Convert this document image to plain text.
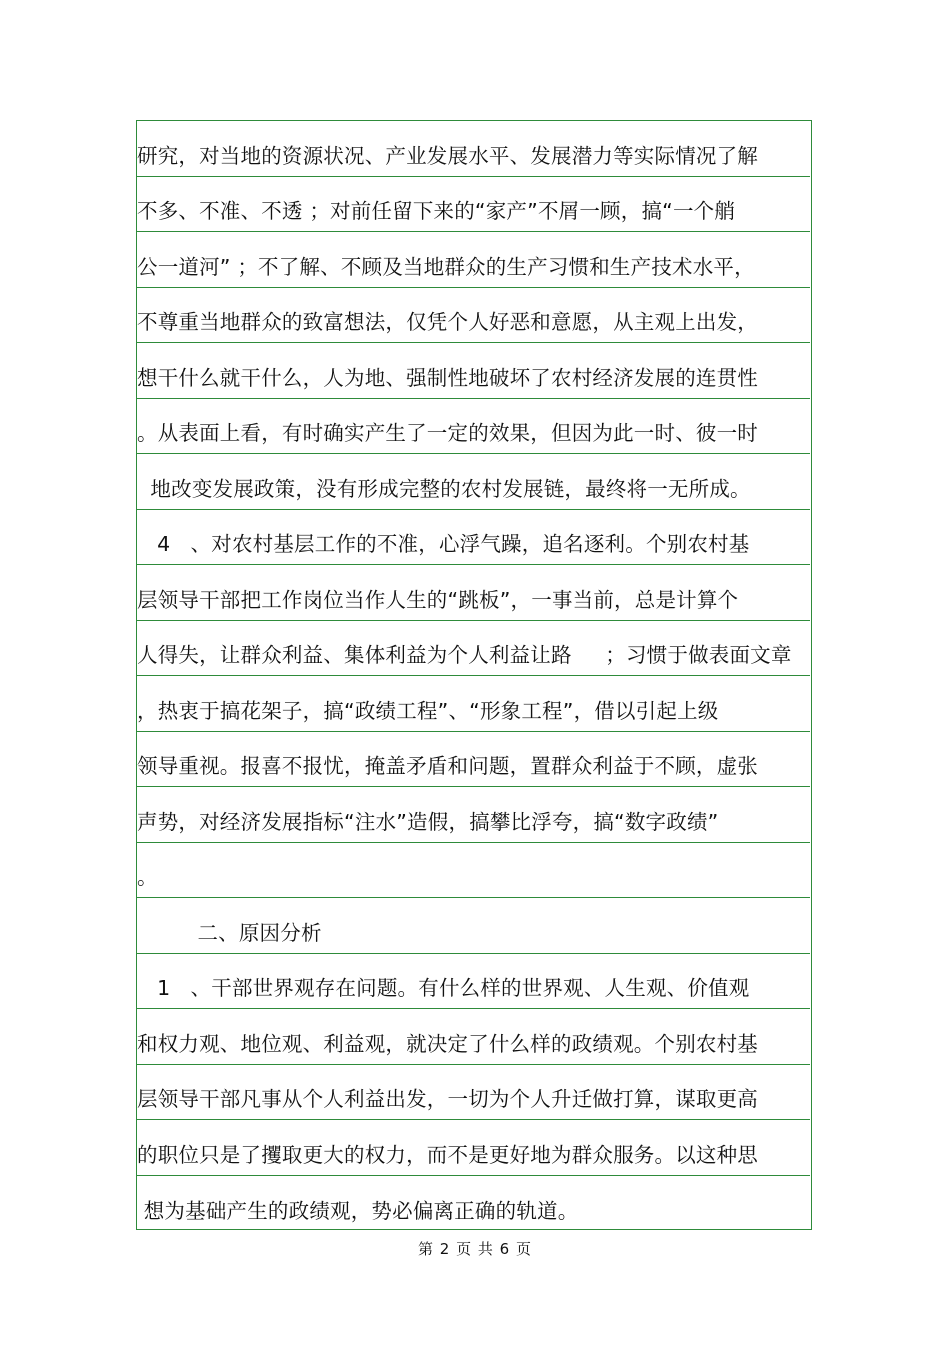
研究，对当地的资源状况、产业发展水平、发展潜力等实际情况了解
不多、不准、不透 ；对前任留下来的“家产”不屑一顾，搞“一个艄
公一道河” ；不了解、不顾及当地群众的生产习惯和生产技术水平，
不尊重当地群众的致富想法，仅凭个人好恶和意愿，从主观上出发，
想干什么就干什么，人为地、强制性地破坏了农村经济发展的连贯性
。从表面上看，有时确实产生了一定的效果，但因为此一时、彼一时
地改变发展政策，没有形成完整的农村发展链，最终将一无所成。
4   、对农村基层工作的不准，心浮气躁，追名逐利。个别农村基
层领导干部把工作岗位当作人生的“跳板”，一事当前，总是计算个
人得失，让群众利益、集体利益为个人利益让路     ；习惯于做表面文章
，热衷于搞花架子，搞“政绩工程”、“形象工程”，借以引起上级
领导重视。报喜不报忧，掩盖矛盾和问题，置群众利益于不顾，虚张
声势，对经济发展指标“注水”造假，搞攀比浮夸，搞“数字政绩”
。
二、原因分析
1   、干部世界观存在问题。有什么样的世界观、人生观、价值观
和权力观、地位观、利益观，就决定了什么样的政绩观。个别农村基
层领导干部凡事从个人利益出发，一切为个人升迁做打算，谋取更高
的职位只是了攫取更大的权力，而不是更好地为群众服务。以这种思
想为基础产生的政绩观，势必偏离正确的轨道。
第 2 页 共 6 页
